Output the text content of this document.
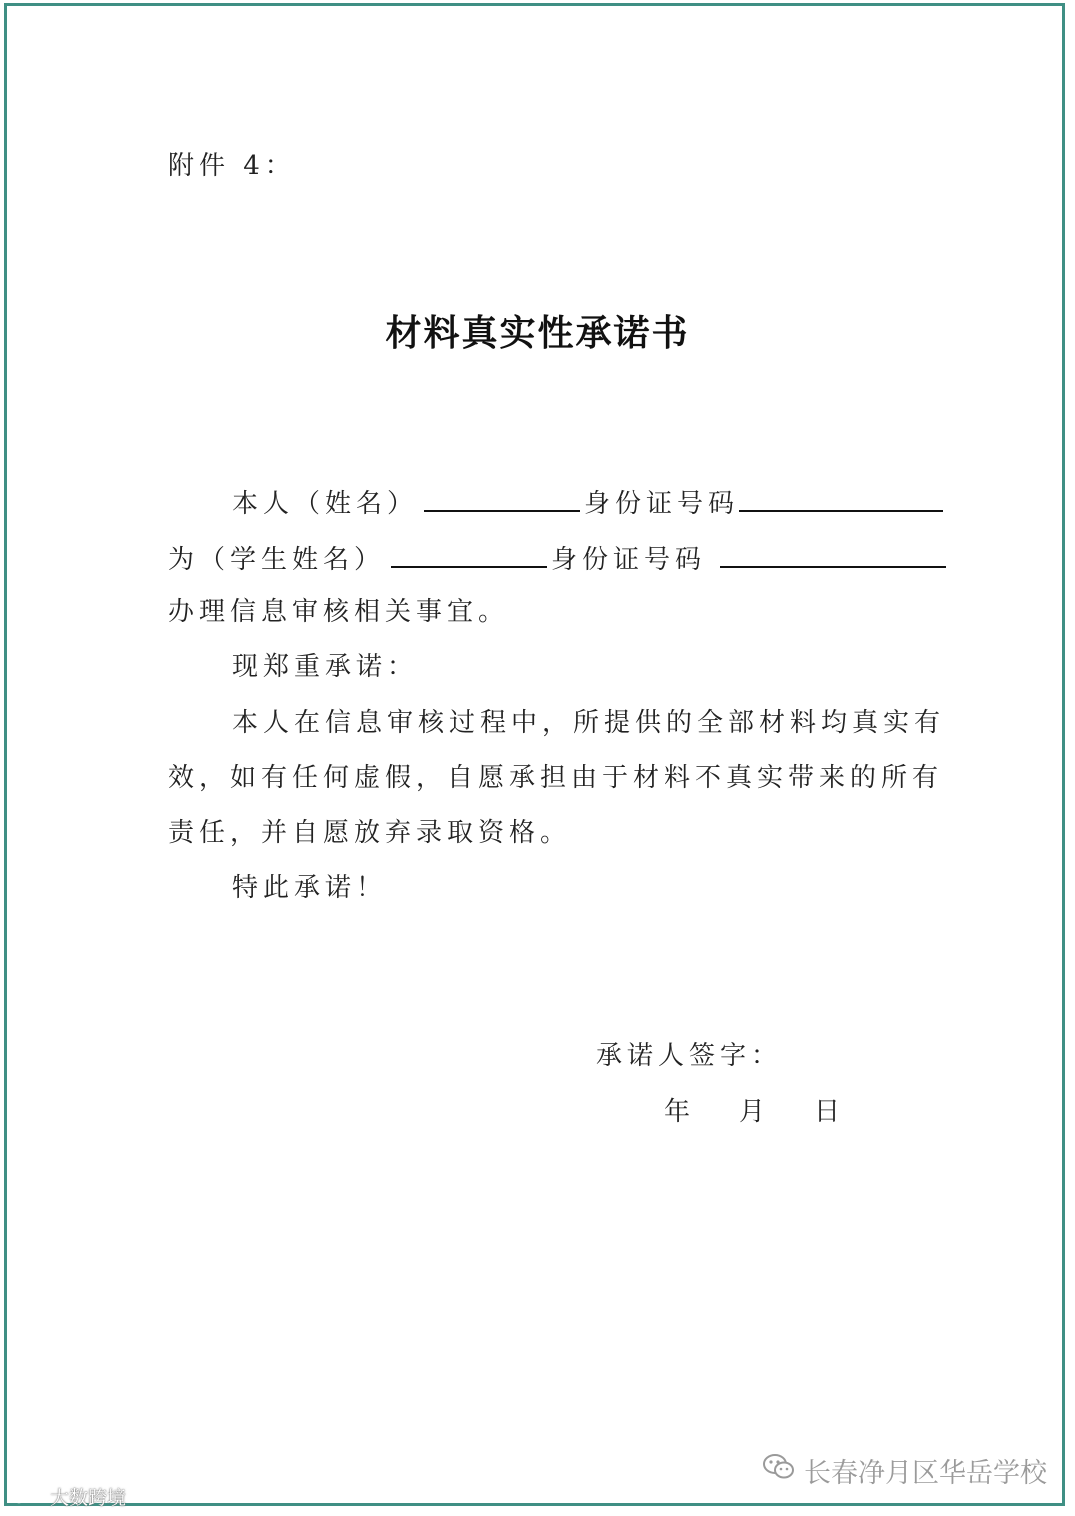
附件 4：
材料真实性承诺书
本人（姓名）	身份证号码
为（学生姓名）	身份证号码
办理信息审核相关事宜。
现郑重承诺：
本人在信息审核过程中，所提供的全部材料均真实有
效，如有任何虚假，自愿承担由于材料不真实带来的所有
责任，并自愿放弃录取资格。
特此承诺！
承诺人签字：
年 月 日
长春净月区华岳学校
大数跨境
